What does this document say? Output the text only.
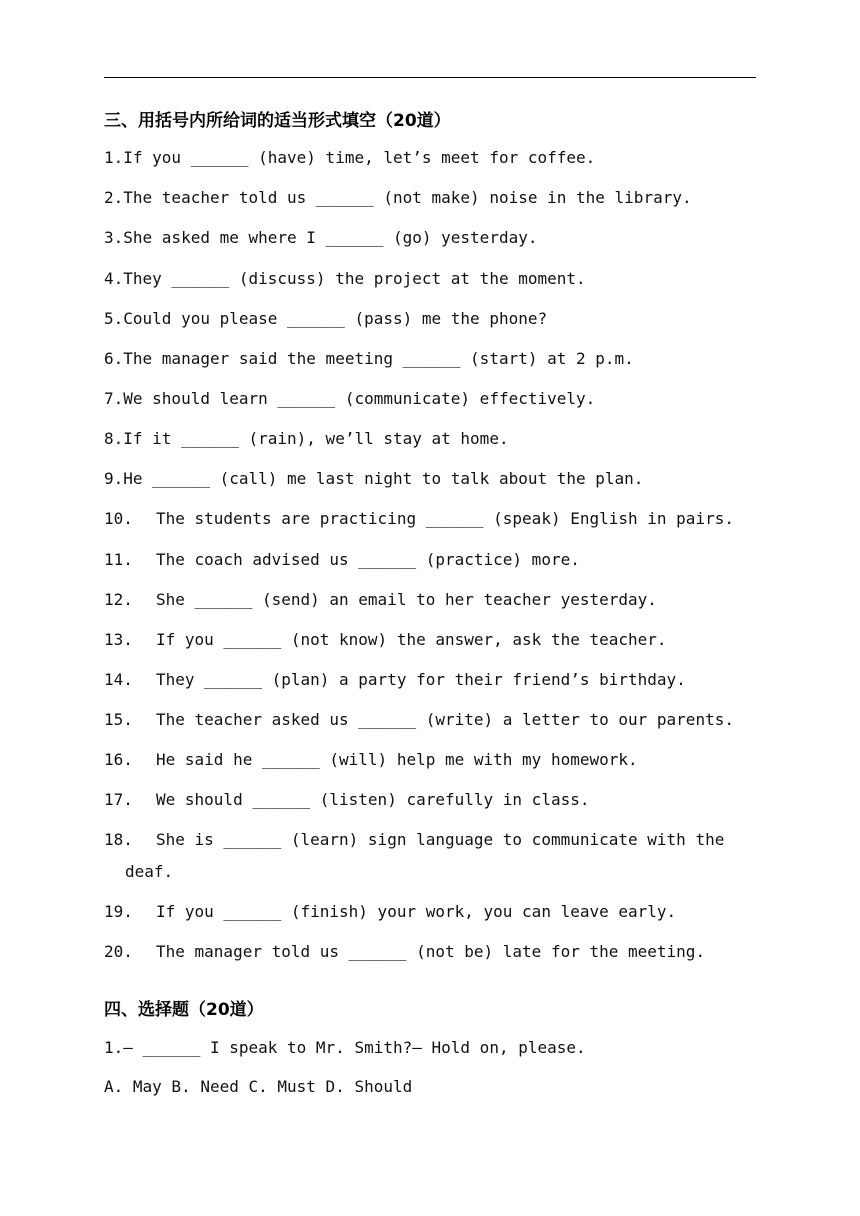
三、用括号内所给词的适当形式填空（20道）
1.If you ______ (have) time, let’s meet for coffee.
2.The teacher told us ______ (not make) noise in the library.
3.She asked me where I ______ (go) yesterday.
4.They ______ (discuss) the project at the moment.
5.Could you please ______ (pass) me the phone?
6.The manager said the meeting ______ (start) at 2 p.m.
7.We should learn ______ (communicate) effectively.
8.If it ______ (rain), we’ll stay at home.
9.He ______ (call) me last night to talk about the plan.
10. The students are practicing ______ (speak) English in pairs.
11. The coach advised us ______ (practice) more.
12. She ______ (send) an email to her teacher yesterday.
13. If you ______ (not know) the answer, ask the teacher.
14. They ______ (plan) a party for their friend’s birthday.
15. The teacher asked us ______ (write) a letter to our parents.
16. He said he ______ (will) help me with my homework.
17. We should ______ (listen) carefully in class.
18. She is ______ (learn) sign language to communicate with the
deaf.
19. If you ______ (finish) your work, you can leave early.
20. The manager told us ______ (not be) late for the meeting.
四、选择题（20道）
1.— ______ I speak to Mr. Smith?— Hold on, please.
A. May B. Need C. Must D. Should
